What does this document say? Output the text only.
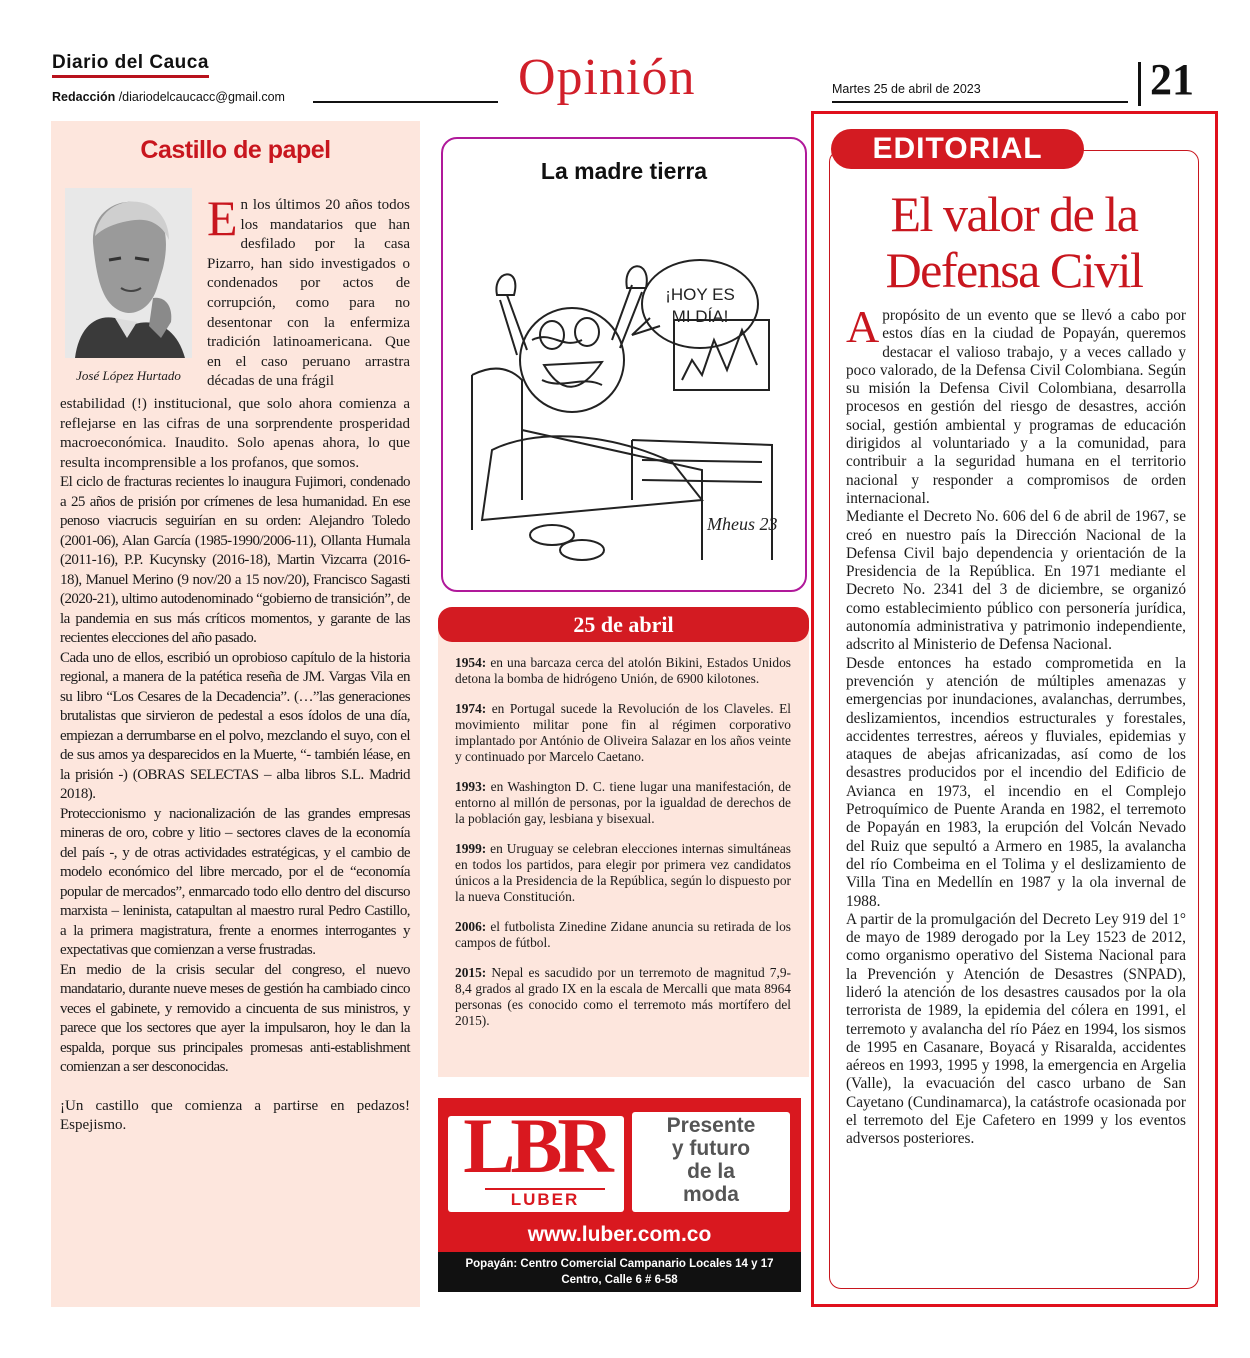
Diario del Cauca
Redacción /diariodelcaucacc@gmail.com	Opinión	Martes 25 de abril de 2023	21
Castillo de papel
José López Hurtado
En los últimos 20 años todos los mandatarios que han desfilado por la casa Pizarro, han sido investigados o condenados por actos de corrupción, como para no desentonar con la enfermiza tradición latinoamericana. Que en el caso peruano arrastra décadas de una frágil

estabilidad (!) institucional, que solo ahora comienza a reflejarse en las cifras de una sorprendente prosperidad macroeconómica. Inaudito. Solo apenas ahora, lo que resulta incomprensible a los profanos, que somos.

El ciclo de fracturas recientes lo inaugura Fujimori, condenado a 25 años de prisión por crímenes de lesa humanidad. En ese penoso viacrucis seguirían en su orden: Alejandro Toledo (2001-06), Alan García (1985-1990/2006-11), Ollanta Humala (2011-16), P.P. Kucynsky (2016-18), Martin Vizcarra (2016-18), Manuel Merino (9 nov/20 a 15 nov/20), Francisco Sagasti (2020-21), ultimo autodenominado “gobierno de transición”, de la pandemia en sus más críticos momentos, y garante de las recientes elecciones del año pasado.

Cada uno de ellos, escribió un oprobioso capítulo de la historia regional, a manera de la patética reseña de JM. Vargas Vila en su libro “Los Cesares de la Decadencia”. (…”las generaciones brutalistas que sirvieron de pedestal a esos ídolos de una día, empiezan a derrumbarse en el polvo, mezclando el suyo, con el de sus amos ya desparecidos en la Muerte, “- también léase, en la prisión -) (OBRAS SELECTAS – alba libros S.L. Madrid 2018).

Proteccionismo y nacionalización de las grandes empresas mineras de oro, cobre y litio – sectores claves de la economía del país -, y de otras actividades estratégicas, y el cambio de modelo económico del libre mercado, por el de “economía popular de mercados”, enmarcado todo ello dentro del discurso marxista – leninista, catapultan al maestro rural Pedro Castillo, a la primera magistratura, frente a enormes interrogantes y expectativas que comienzan a verse frustradas.

En medio de la crisis secular del congreso, el nuevo mandatario, durante nueve meses de gestión ha cambiado cinco veces el gabinete, y removido a cincuenta de sus ministros, y parece que los sectores que ayer la impulsaron, hoy le dan la espalda, porque sus principales promesas anti-establishment comienzan a ser desconocidas.

¡Un castillo que comienza a partirse en pedazos! Espejismo.

La madre tierra
¡HOY ES
MI DÍA!
Mheus 23
25 de abril
1954: en una barcaza cerca del atolón Bikini, Estados Unidos detona la bomba de hidrógeno Unión, de 6900 kilotones.
1974: en Portugal sucede la Revolución de los Claveles. El movimiento militar pone fin al régimen corporativo implantado por António de Oliveira Salazar en los años veinte y continuado por Marcelo Caetano.
1993: en Washington D. C. tiene lugar una manifestación, de entorno al millón de personas, por la igualdad de derechos de la población gay, lesbiana y bisexual.
1999: en Uruguay se celebran elecciones internas simultáneas en todos los partidos, para elegir por primera vez candidatos únicos a la Presidencia de la República, según lo dispuesto por la nueva Constitución.
2006: el futbolista Zinedine Zidane anuncia su retirada de los campos de fútbol.
2015: Nepal es sacudido por un terremoto de magnitud 7,9-8,4 grados al grado IX en la escala de Mercalli que mata 8964 personas (es conocido como el terremoto más mortífero del 2015).
LBR
LUBER
Presente
y futuro
de la
moda
www.luber.com.co
Popayán: Centro Comercial Campanario Locales 14 y 17
Centro, Calle 6 # 6-58
EDITORIAL
El valor de la
Defensa Civil

A propósito de un evento que se llevó a cabo por estos días en la ciudad de Popayán, queremos destacar el valioso trabajo, y a veces callado y poco valorado, de la Defensa Civil Colombiana. Según su misión la Defensa Civil Colombiana, desarrolla procesos en gestión del riesgo de desastres, acción social, gestión ambiental y programas de educación dirigidos al voluntariado y a la comunidad, para contribuir a la seguridad humana en el territorio nacional y responder a compromisos de orden internacional.

Mediante el Decreto No. 606 del 6 de abril de 1967, se creó en nuestro país la Dirección Nacional de la Defensa Civil bajo dependencia y orientación de la Presidencia de la República. En 1971 mediante el Decreto No. 2341 del 3 de diciembre, se organizó como establecimiento público con personería jurídica, autonomía administrativa y patrimonio independiente, adscrito al Ministerio de Defensa Nacional.

Desde entonces ha estado comprometida en la prevención y atención de múltiples amenazas y emergencias por inundaciones, avalanchas, derrumbes, deslizamientos, incendios estructurales y forestales, accidentes terrestres, aéreos y fluviales, epidemias y ataques de abejas africanizadas, así como de los desastres producidos por el incendio del Edificio de Avianca en 1973, el incendio en el Complejo Petroquímico de Puente Aranda en 1982, el terremoto de Popayán en 1983, la erupción del Volcán Nevado del Ruiz que sepultó a Armero en 1985, la avalancha del río Combeima en el Tolima y el deslizamiento de Villa Tina en Medellín en 1987 y la ola invernal de 1988.

A partir de la promulgación del Decreto Ley 919 del 1° de mayo de 1989 derogado por la Ley 1523 de 2012, como organismo operativo del Sistema Nacional para la Prevención y Atención de Desastres (SNPAD), lideró la atención de los desastres causados por la ola terrorista de 1989, la epidemia del cólera en 1991, el terremoto y avalancha del río Páez en 1994, los sismos de 1995 en Casanare, Boyacá y Risaralda, accidentes aéreos en 1993, 1995 y 1998, la emergencia en Argelia (Valle), la evacuación del casco urbano de San Cayetano (Cundinamarca), la catástrofe ocasionada por el terremoto del Eje Cafetero en 1999 y los eventos adversos posteriores.
